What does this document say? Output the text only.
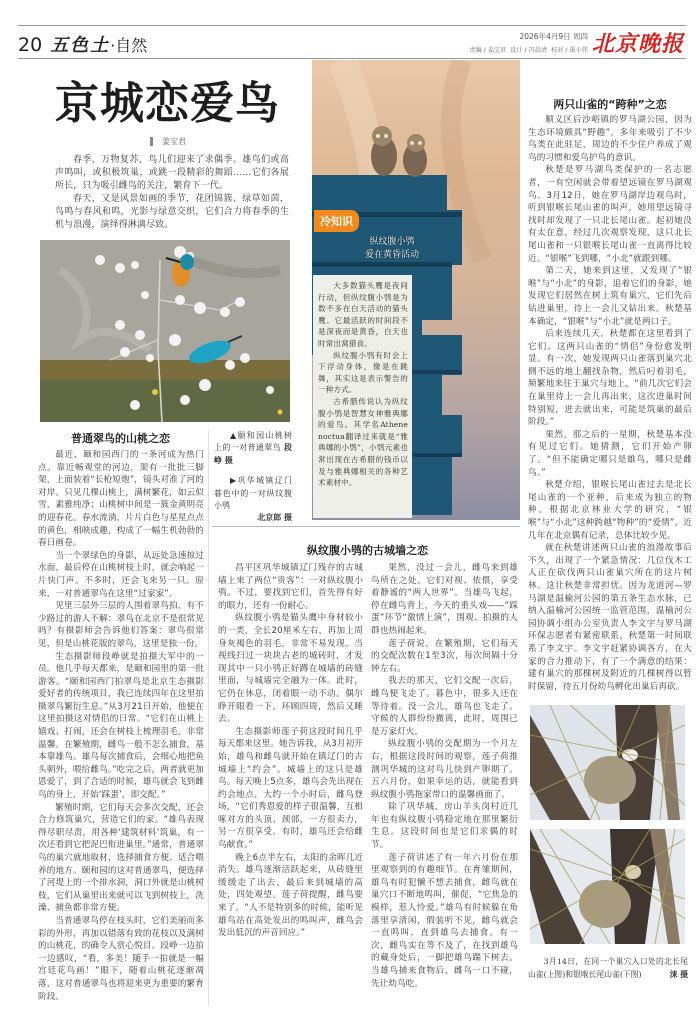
20 五色土 ·自然	2026年4月9日 周四
责编 / 姜宝君  设计 / 冯晨清  校对 / 禹小伟 北京晚报
京城恋爱鸟
姜宝君

春季，万物复苏，鸟儿们迎来了求偶季。雄鸟们或高声鸣叫，或积极筑巢，或跳一段精彩的舞蹈……它们各展所长，只为吸引雌鸟的关注，繁育下一代。

春天，又是风景如画的季节，花团锦簇、绿草如茵，鸟鸣与春风和鸣，光影与绿意交织，它们合力将春季的生机与浪漫，演绎得淋漓尽致。	冷知识
纵纹腹小鸮
爱在黄昏活动

大多数猫头鹰是夜间行动，但纵纹腹小鸮是为数不多在白天活动的猫头鹰。它最活跃的时间段不是深夜而是黄昏，白天也时常出窝猎食。

纵纹腹小鸮有时会上下浮动身体，像是在跳舞，其实这是表示警告的一种方式。

古希腊传说认为纵纹腹小鸮是智慧女神雅典娜的爱鸟。其学名Athene noctua翻译过来就是“雅典娜的小鸮”，小鸮元素也常出现在古希腊的钱币以及与雅典娜相关的各种艺术素材中。

▲颐和园山桃树上的一对普通翠鸟 段峥 摄
▶巩华城镇辽门暮色中的一对纵纹腹小鸮
北京郎 摄
普通翠鸟的山桃之恋

最近，颐和园西门的一条河成为热门点。靠近畅观堂的河边，架有一批批三脚架，上面装着“长枪短炮”，镜头对准了河的对岸。只见几棵山桃上，满树繁花，如云似雪，素雅纯净；山桃树中间是一簇金黄明亮的迎春花。春水流淌，片片白色与星星点点的黄色，相映成趣，构成了一幅生机勃勃的春日画卷。

当一个翠绿色的身影，从远处急速掠过水面，最后停在山桃树枝上时，就会响起一片快门声。不多时，还会飞来另一只。原来，一对普通翠鸟在这里“过家家”。

见里三层外三层的人围着翠鸟拍，有不少路过的游人不解：翠鸟在北京不是很常见吗？有摄影师会告诉他们答案：翠鸟很常见，但是山桃花版的翠鸟，这里是独一份。

生态摄影师段峥就是拍摄大军中的一员。他几乎每天都来，是颐和园里的第一批游客。“颐和园西门拍翠鸟是北京生态摄影爱好者的传统项目，我已连续四年在这里拍摄翠鸟繁衍生息。”从3月21日开始，他便在这里拍摄这对情侣的日常。“它们在山桃上嬉戏、打闹，还会在树枝上梳理羽毛，非常温馨。在繁殖期，雌鸟一般不怎么捕食，基本靠雄鸟。雄鸟每次捕食后，会细心地把鱼头朝外，喂给雌鸟。”吃完之后，两者就更加恩爱了，到了合适的时候，雄鸟就会飞到雌鸟的身上，开始‘踩蛋’，即交配。”

繁殖时期，它们每天会多次交配，还会合力修筑巢穴，营造它们的家。“雄鸟表现得尽职尽责，用各种‘建筑材料’筑巢，有一次还看到它把泥巴衔进巢里。”通常，普通翠鸟的巢穴就地取材，选择捕食方便、适合喂养的地方。颐和园的这对普通翠鸟，便选择了河堤上的一个排水洞，洞口外就是山桃树枝，它们从巢里出来就可以飞到树枝上，洗澡、捕鱼都非常方便。

当普通翠鸟停在枝头时，它们美丽而多彩的外形，再加以错落有致的花枝以及满树的山桃花，的确令人赏心悦目。段峥一边拍一边感叹，“看，多美！随手一拍就是一幅宫廷花鸟画！”眼下，随着山桃花逐渐凋落，这对普通翠鸟也将迎来更为重要的繁育阶段。

纵纹腹小鸮的古城墙之恋

昌平区巩华城镇辽门残存的古城墙上来了两位“贵客”：一对纵纹腹小鸮。不过，要找到它们，首先得有好的眼力，还有一份耐心。

纵纹腹小鸮是猫头鹰中身材较小的一类，全长20厘米左右，再加上周身灰褐色的羽毛，非常不易发现。当视线扫过一块块古老的城砖时，才发现其中一只小鸮正好蹲在城墙的砖缝里面，与城墙完全融为一体。此时，它仍在休息，闭着眼一动不动。偶尔睁开眼看一下，环顾四周，然后又睡去。

生态摄影师莲子荷这段时间几乎每天都来这里。她告诉我，从3月初开始，雄鸟和雌鸟就开始在镇辽门的古城墙上“约会”。城墙上的这只是雄鸟。每天晚上5点多，雄鸟会先出现在约会地点，大约一个小时后，雌鸟登场，“它们秀恩爱的样子很温馨，互相啄对方的头顶、颈部，一方很卖力，另一方很享受。有时，雄鸟还会给雌鸟献食。”

晚上6点半左右，太阳的余晖几近消失。雄鸟逐渐活跃起来，从砖缝里缓缓走了出去，最后来到城墙的高处，四处观望。莲子荷提醒，雌鸟要来了。“人不是特别多的时候，能听见雄鸟站在高处发出的鸣叫声，雌鸟会发出低沉的声音回应。”

果然，没过一会儿，雌鸟来到雄鸟所在之处。它们对视、依偎，享受着静谧的“两人世界”。当雄鸟飞起，停在雌鸟背上，今天的重头戏——“踩蛋”环节“激情上演”，围观、拍摄的人群也热闹起来。

莲子荷说，在繁殖期，它们每天的交配次数在1至3次，每次间隔十分钟左右。

我去的那天，它们交配一次后，雌鸟便飞走了。暮色中，很多人还在等待着。没一会儿，雄鸟也飞走了。守候的人群纷纷撤离，此时，周围已是万家灯火。

纵纹腹小鸮的交配期为一个月左右，根据这段时间的观察，莲子荷推测巩华城的这对鸟儿快到产卵期了。五六月份，如果幸运的话，就能看到纵纹腹小鸮拖家带口的温馨画面了。

除了巩华城，房山羊头岗村近几年也有纵纹腹小鸮稳定地在那里繁衍生息。这段时间也是它们求偶的时节。

莲子荷讲述了有一年六月份在那里观察到的有趣细节。在育雏期间，雄鸟有时犯懒不想去捕食，雌鸟就在巢穴口不断地鸣叫，催促，“它焦急的模样，惹人怜爱。”雄鸟有时候躲在角落里享清闲，假装听不见，雌鸟就会一直鸣叫，直到雄鸟去捕食。有一次，雌鸟实在等不及了，在找到雄鸟的藏身处后，一脚把雄鸟踹下树去。当雄鸟捕来食物后，雌鸟一口不碰，先让幼鸟吃。

两只山雀的“跨种”之恋

顺义区后沙峪镇的罗马湖公园，因为生态环境颇具“野趣”，多年来吸引了不少鸟类在此驻足，周边的不少住户养成了观鸟的习惯和爱鸟护鸟的意识。

秋楚是罗马湖鸟类保护的一名志愿者，一有空闲就会带着望远镜在罗马湖观鸟。3月12日，她在罗马湖岸边观鸟时，听到银喉长尾山雀的叫声，她用望远镜寻找时却发现了一只北长尾山雀。起初她没有太在意，经过几次观察发现，这只北长尾山雀和一只银喉长尾山雀一直离得比较近。“银喉”飞到哪，“小北”就跟到哪。

第二天，她来到这里，又发现了“银喉”与“小北”的身影，追着它们的身影，她发现它们居然在树上筑有巢穴，它们先后钻进巢里，待上一会儿又钻出来。秋楚基本确定，“银喉”与“小北”就是两口子。

后来连续几天，秋楚都在这里看到了它们。这两只山雀的“情侣”身份愈发明显。有一次，她发现两只山雀落到巢穴北侧不远的地上翻找杂物，然后叼着羽毛，频繁地来往于巢穴与地上，“前几次它们会在巢里待上一会儿再出来，这次进巢时间特别短，进去就出来，可能是筑巢的最后阶段。”

果然，那之后的一星期，秋楚基本没有见过它们。她猜测，它们开始产卵了。“但不能确定哪只是雄鸟，哪只是雌鸟。”

秋楚介绍，银喉长尾山雀过去是北长尾山雀的一个亚种，后来成为独立的物种。根据北京林业大学的研究，“银喉”与“小北”这种跨越“物种”的“爱情”，近几年在北京偶有记录，总体比较少见。

就在秋楚讲述两只山雀的浪漫故事后不久，出现了一个紧急情况：几位伐木工人正在砍伐两只山雀巢穴所在的这片树林。这让秋楚非常担忧。因为龙道河—罗马湖是温榆河公园的第五条生态水脉，已纳入温榆河公园统一监管范围，温榆河公园协调小组办公室负责人李文宇与罗马湖环保志愿者有紧密联系，秋楚第一时间联系了李文宇。李文宇赶紧协调各方，在大家的合力推动下，有了一个满意的结果：建有巢穴的那棵树及附近的几棵树得以暂时保留，待五月份幼鸟孵化出巢后再砍。

3月14日，在同一个巢穴入口处的北长尾山雀(上图)和银喉长尾山雀(下图)	涞 摄
